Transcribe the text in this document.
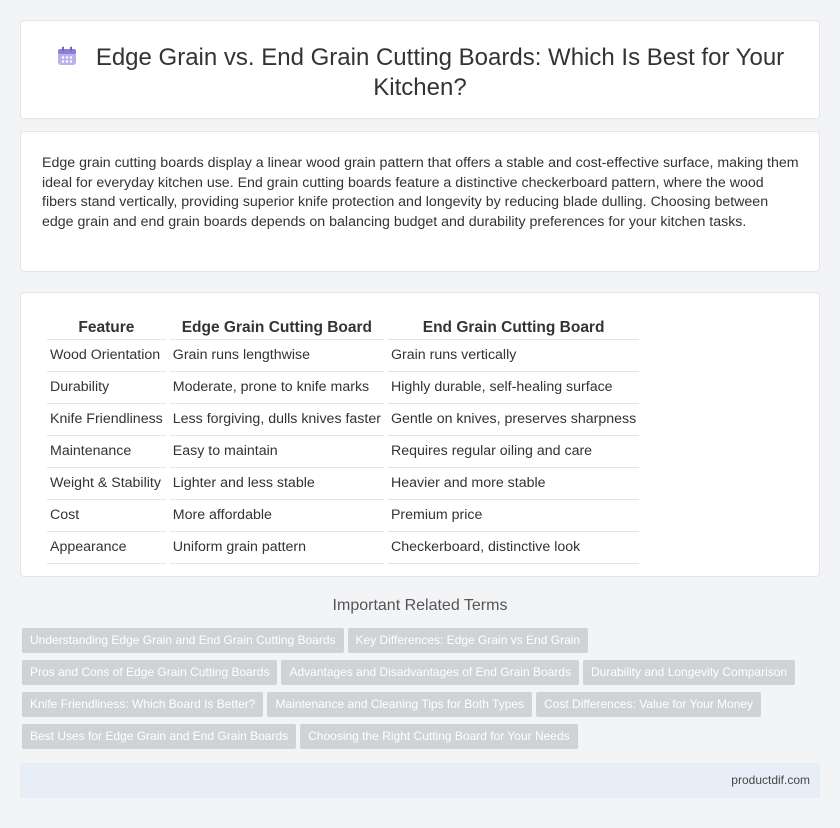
Edge Grain vs. End Grain Cutting Boards: Which Is Best for Your Kitchen?

Edge grain cutting boards display a linear wood grain pattern that offers a stable and cost-effective surface, making them ideal for everyday kitchen use. End grain cutting boards feature a distinctive checkerboard pattern, where the wood fibers stand vertically, providing superior knife protection and longevity by reducing blade dulling. Choosing between edge grain and end grain boards depends on balancing budget and durability preferences for your kitchen tasks.

Feature	Edge Grain Cutting Board	End Grain Cutting Board
Wood Orientation	Grain runs lengthwise	Grain runs vertically
Durability	Moderate, prone to knife marks	Highly durable, self-healing surface
Knife Friendliness	Less forgiving, dulls knives faster	Gentle on knives, preserves sharpness
Maintenance	Easy to maintain	Requires regular oiling and care
Weight & Stability	Lighter and less stable	Heavier and more stable
Cost	More affordable	Premium price
Appearance	Uniform grain pattern	Checkerboard, distinctive look
Important Related Terms
Understanding Edge Grain and End Grain Cutting Boards Key Differences: Edge Grain vs End Grain
Pros and Cons of Edge Grain Cutting Boards Advantages and Disadvantages of End Grain Boards Durability and Longevity Comparison
Knife Friendliness: Which Board Is Better? Maintenance and Cleaning Tips for Both Types Cost Differences: Value for Your Money
Best Uses for Edge Grain and End Grain Boards Choosing the Right Cutting Board for Your Needs
productdif.com
